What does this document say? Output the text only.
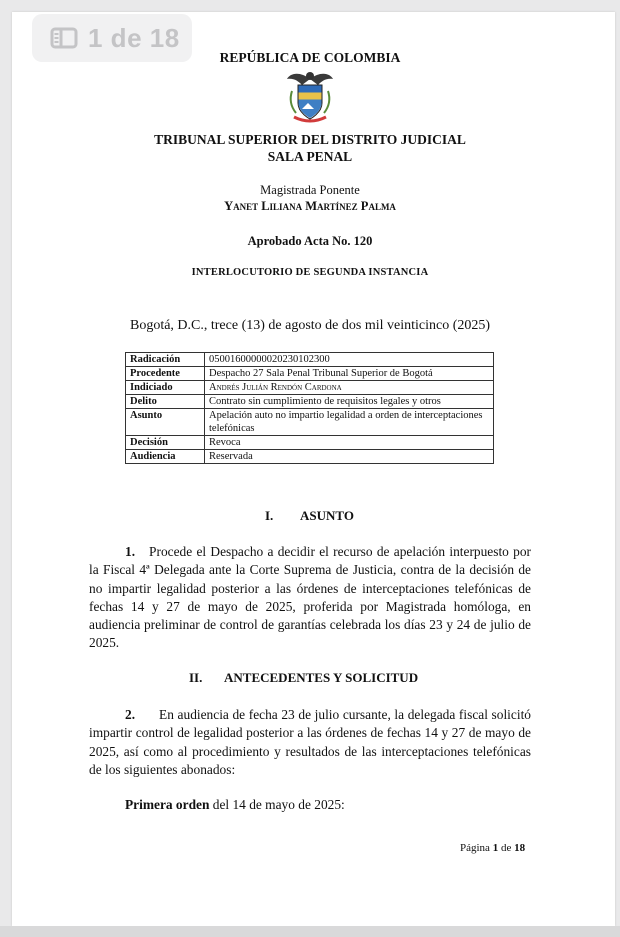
1 de 18
REPÚBLICA DE COLOMBIA
TRIBUNAL SUPERIOR DEL DISTRITO JUDICIAL
SALA PENAL
Magistrada Ponente
Yanet Liliana Martínez Palma
Aprobado Acta No. 120
INTERLOCUTORIO DE SEGUNDA INSTANCIA
Bogotá, D.C., trece (13) de agosto de dos mil veinticinco (2025)
Radicación	05001600000020230102300
Procedente	Despacho 27 Sala Penal Tribunal Superior de Bogotá
Indiciado	Andrés Julián Rendón Cardona
Delito	Contrato sin cumplimiento de requisitos legales y otros
Asunto	Apelación auto no impartio legalidad a orden de interceptaciones telefónicas
Decisión	Revoca
Audiencia	Reservada
I. ASUNTO

1. Procede el Despacho a decidir el recurso de apelación interpuesto por la Fiscal 4ª Delegada ante la Corte Suprema de Justicia, contra de la decisión de no impartir legalidad posterior a las órdenes de interceptaciones telefónicas de fechas 14 y 27 de mayo de 2025, proferida por Magistrada homóloga, en audiencia preliminar de control de garantías celebrada los días 23 y 24 de julio de 2025.

II. ANTECEDENTES Y SOLICITUD

2. En audiencia de fecha 23 de julio cursante, la delegada fiscal solicitó impartir control de legalidad posterior a las órdenes de fechas 14 y 27 de mayo de 2025, así como al procedimiento y resultados de las interceptaciones telefónicas de los siguientes abonados:

Primera orden del 14 de mayo de 2025:
Página 1 de 18
